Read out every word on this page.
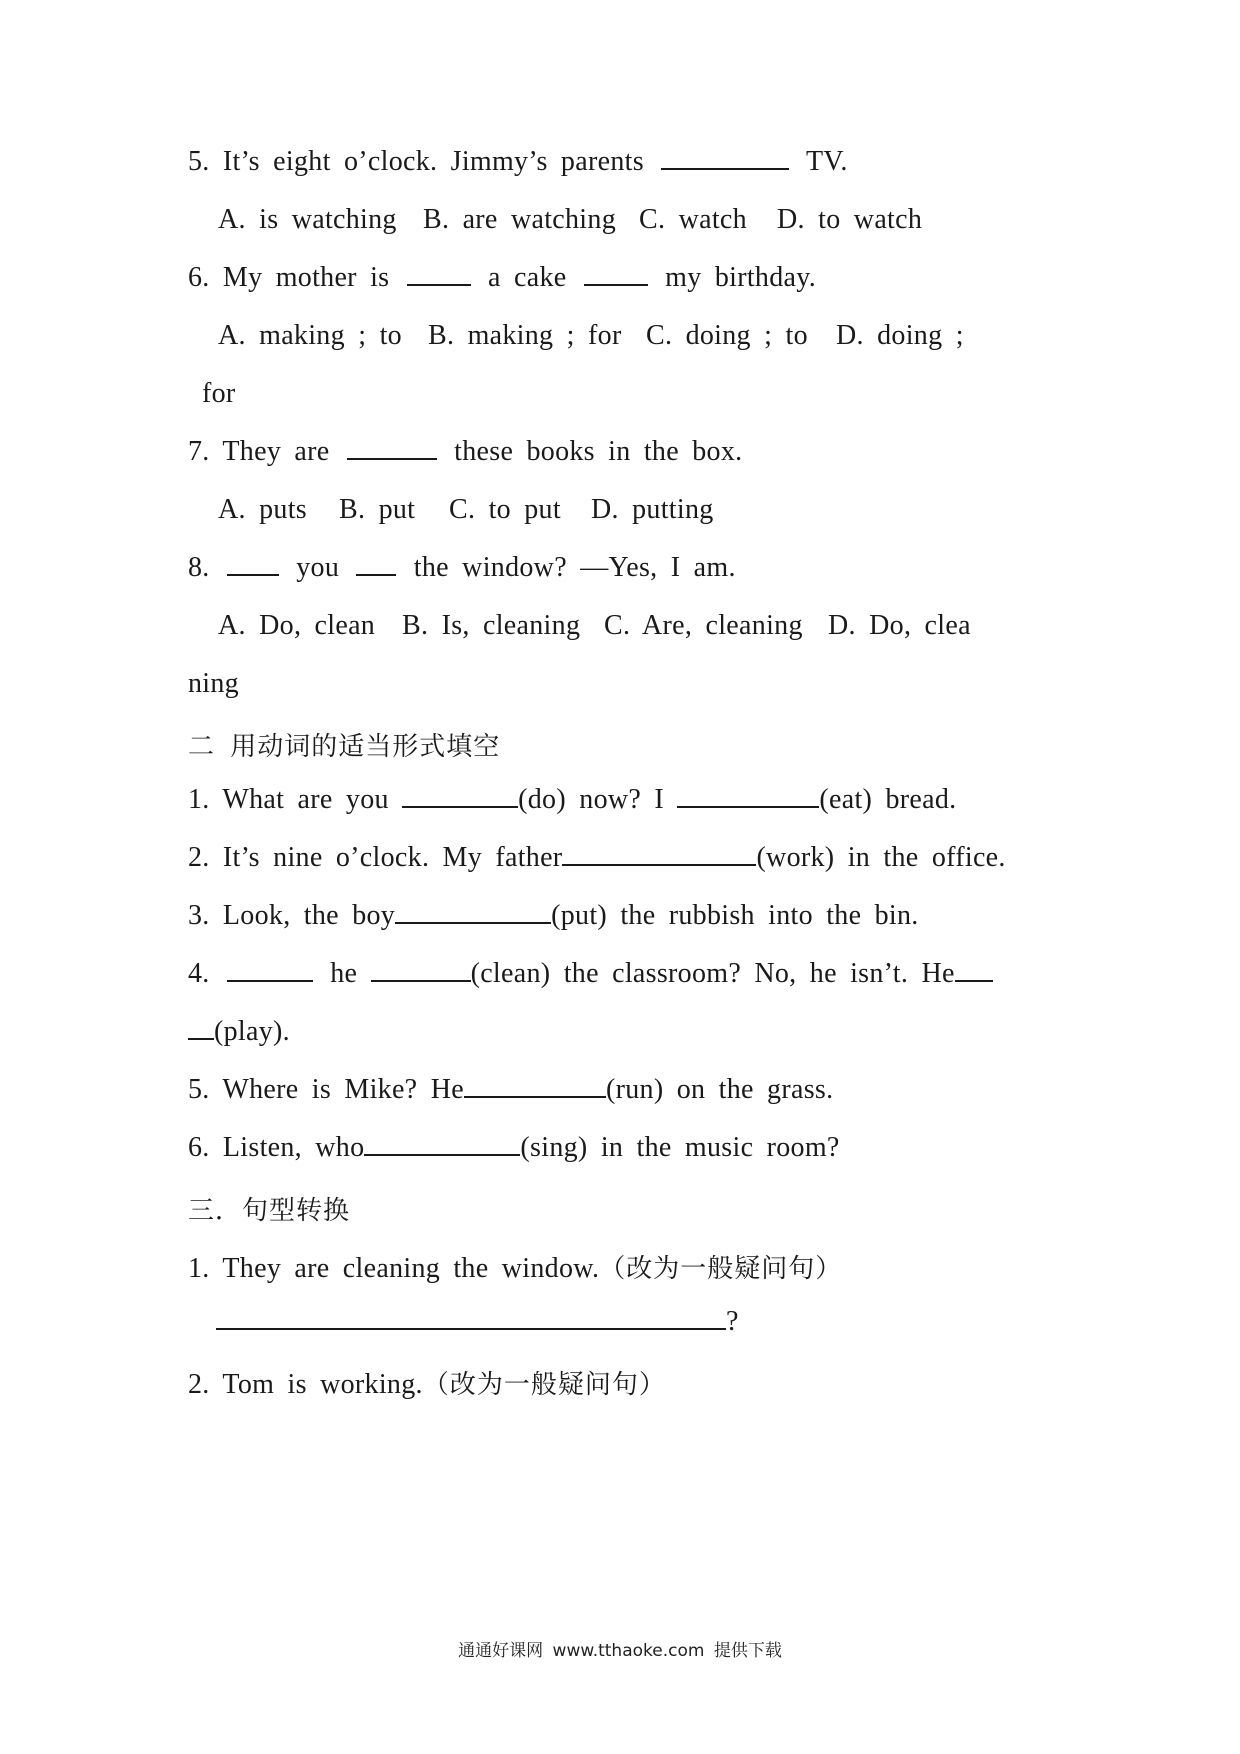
5. It’s eight o’clock. Jimmy’s parents	TV.
A. is watching B. are watching C. watch D. to watch
6. My mother is	a cake	my birthday.
A. making ; to B. making ; for C. doing ; to D. doing ;
for
7. They are	these books in the box.
A. puts B. put C. to put D. putting
8.	you	the window? —Yes, I am.
A. Do, clean B. Is, cleaning C. Are, cleaning D. Do, clea
ning
二 用动词的适当形式填空
1. What are you	(do) now? I	(eat) bread.
2. It’s nine o’clock. My father	(work) in the office.
3. Look, the boy	(put) the rubbish into the bin.
4.	he	(clean) the classroom? No, he isn’t. He
(play).
5. Where is Mike? He	(run) on the grass.
6. Listen, who	(sing) in the music room?
三．句型转换
1. They are cleaning the window.（改为一般疑问句）
?
2. Tom is working.（改为一般疑问句）
通通好课网 www.tthaoke.com 提供下载
